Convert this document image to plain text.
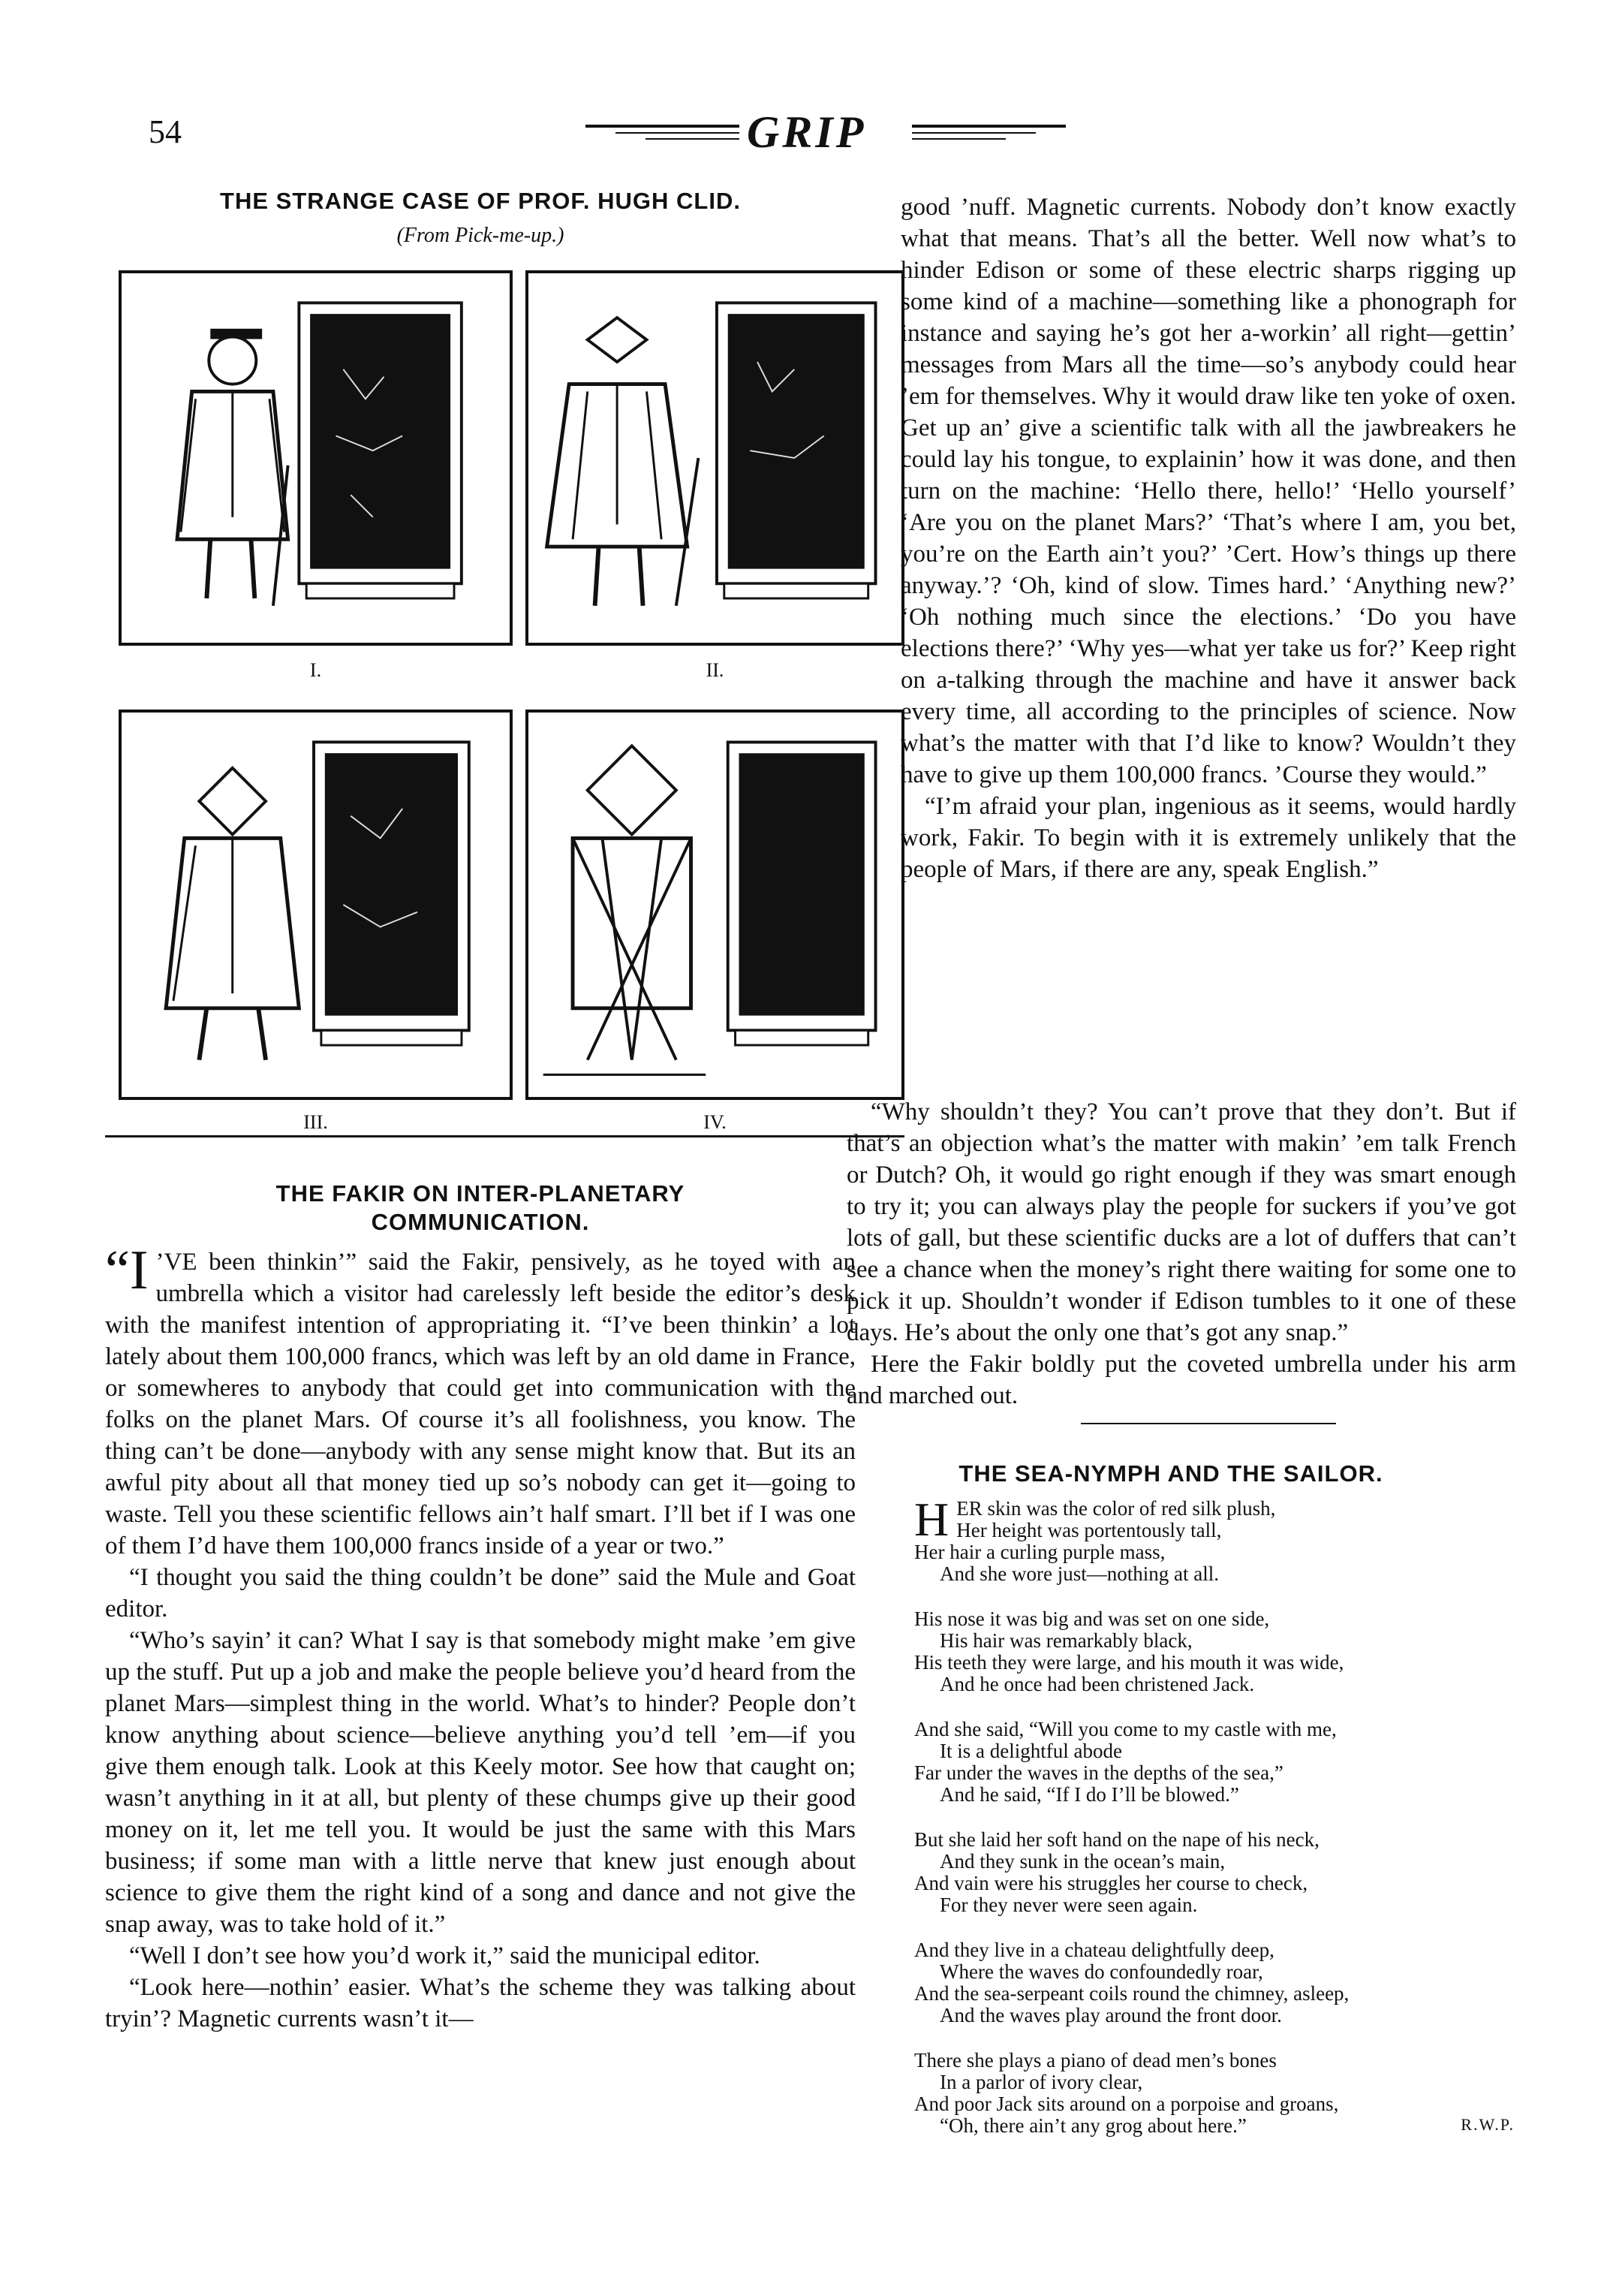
54	GRIP
THE STRANGE CASE OF PROF. HUGH CLID.
(From Pick-me-up.)
I.	II.
III.	IV.
THE FAKIR ON INTER-PLANETARY
COMMUNICATION.

“I ’VE been thinkin’” said the Fakir, pensively, as he toyed with an umbrella which a visitor had carelessly left beside the editor’s desk with the manifest intention of appropriating it. “I’ve been thinkin’ a lot lately about them 100,000 francs, which was left by an old dame in France, or somewheres to anybody that could get into communication with the folks on the planet Mars. Of course it’s all foolishness, you know. The thing can’t be done—anybody with any sense might know that. But its an awful pity about all that money tied up so’s nobody can get it—going to waste. Tell you these scientific fellows ain’t half smart. I’ll bet if I was one of them I’d have them 100,000 francs inside of a year or two.”

“I thought you said the thing couldn’t be done” said the Mule and Goat editor.

“Who’s sayin’ it can? What I say is that somebody might make ’em give up the stuff. Put up a job and make the people believe you’d heard from the planet Mars—simplest thing in the world. What’s to hinder? People don’t know anything about science—believe anything you’d tell ’em—if you give them enough talk. Look at this Keely motor. See how that caught on; wasn’t anything in it at all, but plenty of these chumps give up their good money on it, let me tell you. It would be just the same with this Mars business; if some man with a little nerve that knew just enough about science to give them the right kind of a song and dance and not give the snap away, was to take hold of it.”

“Well I don’t see how you’d work it,” said the municipal editor.

“Look here—nothin’ easier. What’s the scheme they was talking about tryin’? Magnetic currents wasn’t it—

good ’nuff. Magnetic currents. Nobody don’t know exactly what that means. That’s all the better. Well now what’s to hinder Edison or some of these electric sharps rigging up some kind of a machine—something like a phonograph for instance and saying he’s got her a-workin’ all right—gettin’ messages from Mars all the time—so’s anybody could hear ’em for themselves. Why it would draw like ten yoke of oxen. Get up an’ give a scientific talk with all the jawbreakers he could lay his tongue, to explainin’ how it was done, and then turn on the machine: ‘Hello there, hello!’ ‘Hello yourself’ ‘Are you on the planet Mars?’ ‘That’s where I am, you bet, you’re on the Earth ain’t you?’ ’Cert. How’s things up there anyway.’? ‘Oh, kind of slow. Times hard.’ ‘Anything new?’ ‘Oh nothing much since the elections.’ ‘Do you have elections there?’ ‘Why yes—what yer take us for?’ Keep right on a-talking through the machine and have it answer back every time, all according to the principles of science. Now what’s the matter with that I’d like to know? Wouldn’t they have to give up them 100,000 francs. ’Course they would.”

“I’m afraid your plan, ingenious as it seems, would hardly work, Fakir. To begin with it is extremely unlikely that the people of Mars, if there are any, speak English.”

“Why shouldn’t they? You can’t prove that they don’t. But if that’s an objection what’s the matter with makin’ ’em talk French or Dutch? Oh, it would go right enough if they was smart enough to try it; you can always play the people for suckers if you’ve got lots of gall, but these scientific ducks are a lot of duffers that can’t see a chance when the money’s right there waiting for some one to pick it up. Shouldn’t wonder if Edison tumbles to it one of these days. He’s about the only one that’s got any snap.”

Here the Fakir boldly put the coveted umbrella under his arm and marched out.

THE SEA-NYMPH AND THE SAILOR.
H ER skin was the color of red silk plush,
Her height was portentously tall,
Her hair a curling purple mass,
And she wore just—nothing at all.
His nose it was big and was set on one side,
His hair was remarkably black,
His teeth they were large, and his mouth it was wide,
And he once had been christened Jack.
And she said, “Will you come to my castle with me,
It is a delightful abode
Far under the waves in the depths of the sea,”
And he said, “If I do I’ll be blowed.”
But she laid her soft hand on the nape of his neck,
And they sunk in the ocean’s main,
And vain were his struggles her course to check,
For they never were seen again.
And they live in a chateau delightfully deep,
Where the waves do confoundedly roar,
And the sea-serpeant coils round the chimney, asleep,
And the waves play around the front door.
There she plays a piano of dead men’s bones
In a parlor of ivory clear,
And poor Jack sits around on a porpoise and groans,
“Oh, there ain’t any grog about here.”	R.W.P.
